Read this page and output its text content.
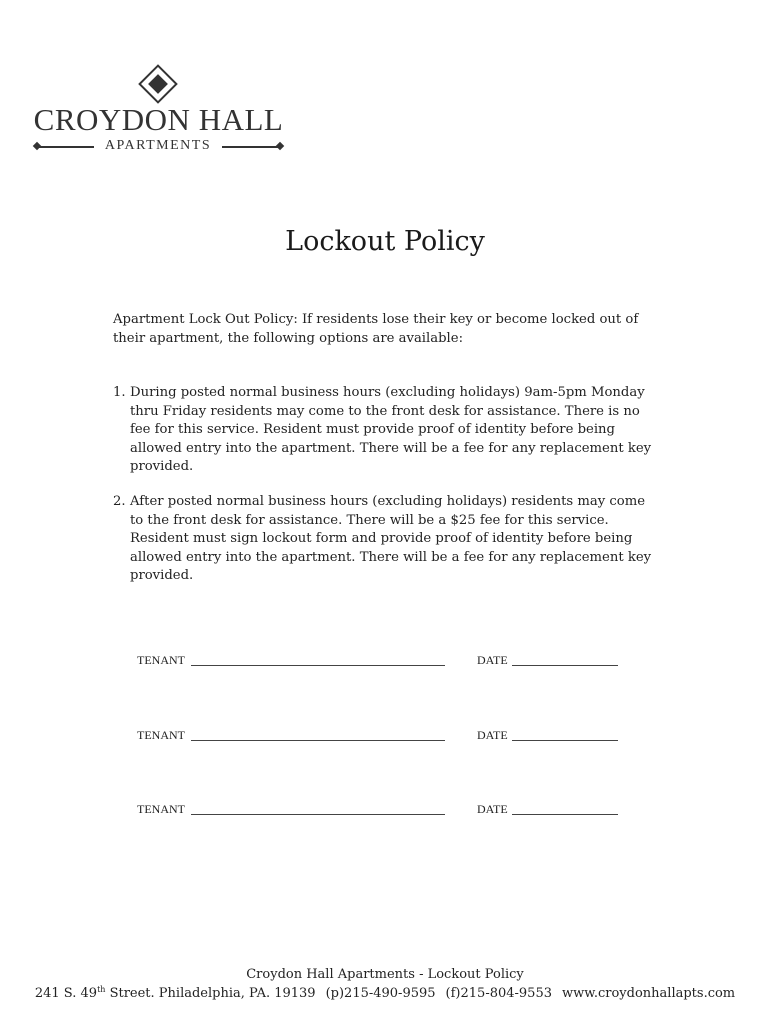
CROYDON HALL
APARTMENTS
Lockout Policy
Apartment Lock Out Policy: If residents lose their key or become locked out of their apartment, the following options are available:
1. During posted normal business hours (excluding holidays) 9am-5pm Monday thru Friday residents may come to the front desk for assistance. There is no fee for this service. Resident must provide proof of identity before being allowed entry into the apartment. There will be a fee for any replacement key provided.
2. After posted normal business hours (excluding holidays) residents may come to the front desk for assistance. There will be a $25 fee for this service. Resident must sign lockout form and provide proof of identity before being allowed entry into the apartment. There will be a fee for any replacement key provided.
TENANT	DATE
TENANT	DATE
TENANT	DATE
Croydon Hall Apartments - Lockout Policy
241 S. 49th Street. Philadelphia, PA. 19139 (p)215-490-9595 (f)215-804-9553 www.croydonhallapts.com
